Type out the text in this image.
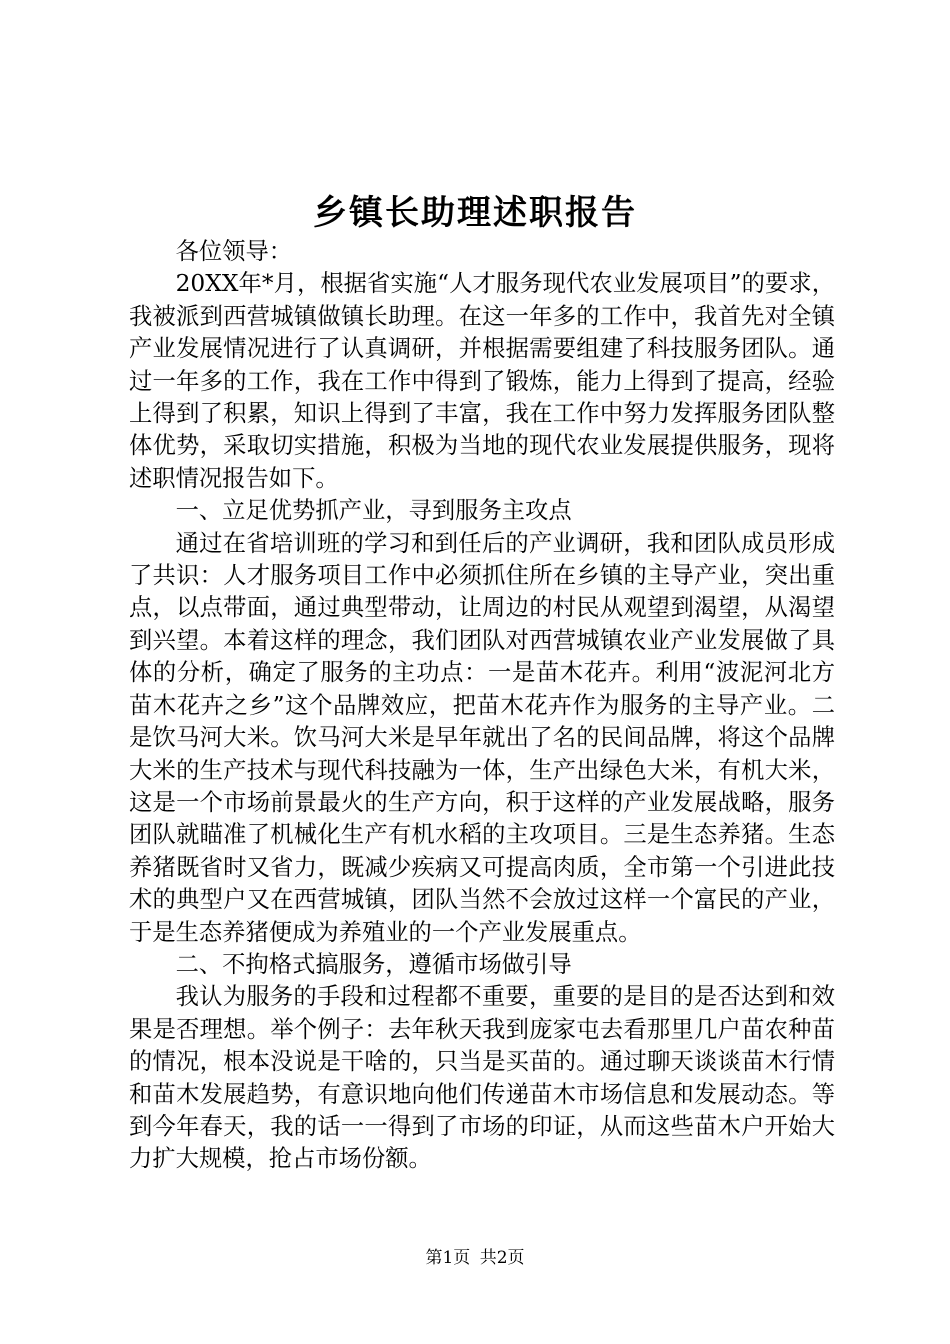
乡镇长助理述职报告

各位领导：

20XX年*月，根据省实施“人才服务现代农业发展项目”的要求，我被派到西营城镇做镇长助理。在这一年多的工作中，我首先对全镇产业发展情况进行了认真调研，并根据需要组建了科技服务团队。通过一年多的工作，我在工作中得到了锻炼，能力上得到了提高，经验上得到了积累，知识上得到了丰富，我在工作中努力发挥服务团队整体优势，采取切实措施，积极为当地的现代农业发展提供服务，现将述职情况报告如下。

一、立足优势抓产业，寻到服务主攻点

通过在省培训班的学习和到任后的产业调研，我和团队成员形成了共识：人才服务项目工作中必须抓住所在乡镇的主导产业，突出重点，以点带面，通过典型带动，让周边的村民从观望到渴望，从渴望到兴望。本着这样的理念，我们团队对西营城镇农业产业发展做了具体的分析，确定了服务的主功点：一是苗木花卉。利用“波泥河北方苗木花卉之乡”这个品牌效应，把苗木花卉作为服务的主导产业。二是饮马河大米。饮马河大米是早年就出了名的民间品牌，将这个品牌大米的生产技术与现代科技融为一体，生产出绿色大米，有机大米，这是一个市场前景最火的生产方向，积于这样的产业发展战略，服务团队就瞄准了机械化生产有机水稻的主攻项目。三是生态养猪。生态养猪既省时又省力，既减少疾病又可提高肉质，全市第一个引进此技术的典型户又在西营城镇，团队当然不会放过这样一个富民的产业，于是生态养猪便成为养殖业的一个产业发展重点。

二、不拘格式搞服务，遵循市场做引导

我认为服务的手段和过程都不重要，重要的是目的是否达到和效果是否理想。举个例子：去年秋天我到庞家屯去看那里几户苗农种苗的情况，根本没说是干啥的，只当是买苗的。通过聊天谈谈苗木行情和苗木发展趋势，有意识地向他们传递苗木市场信息和发展动态。等到今年春天，我的话一一得到了市场的印证，从而这些苗木户开始大力扩大规模，抢占市场份额。

第1页 共2页
